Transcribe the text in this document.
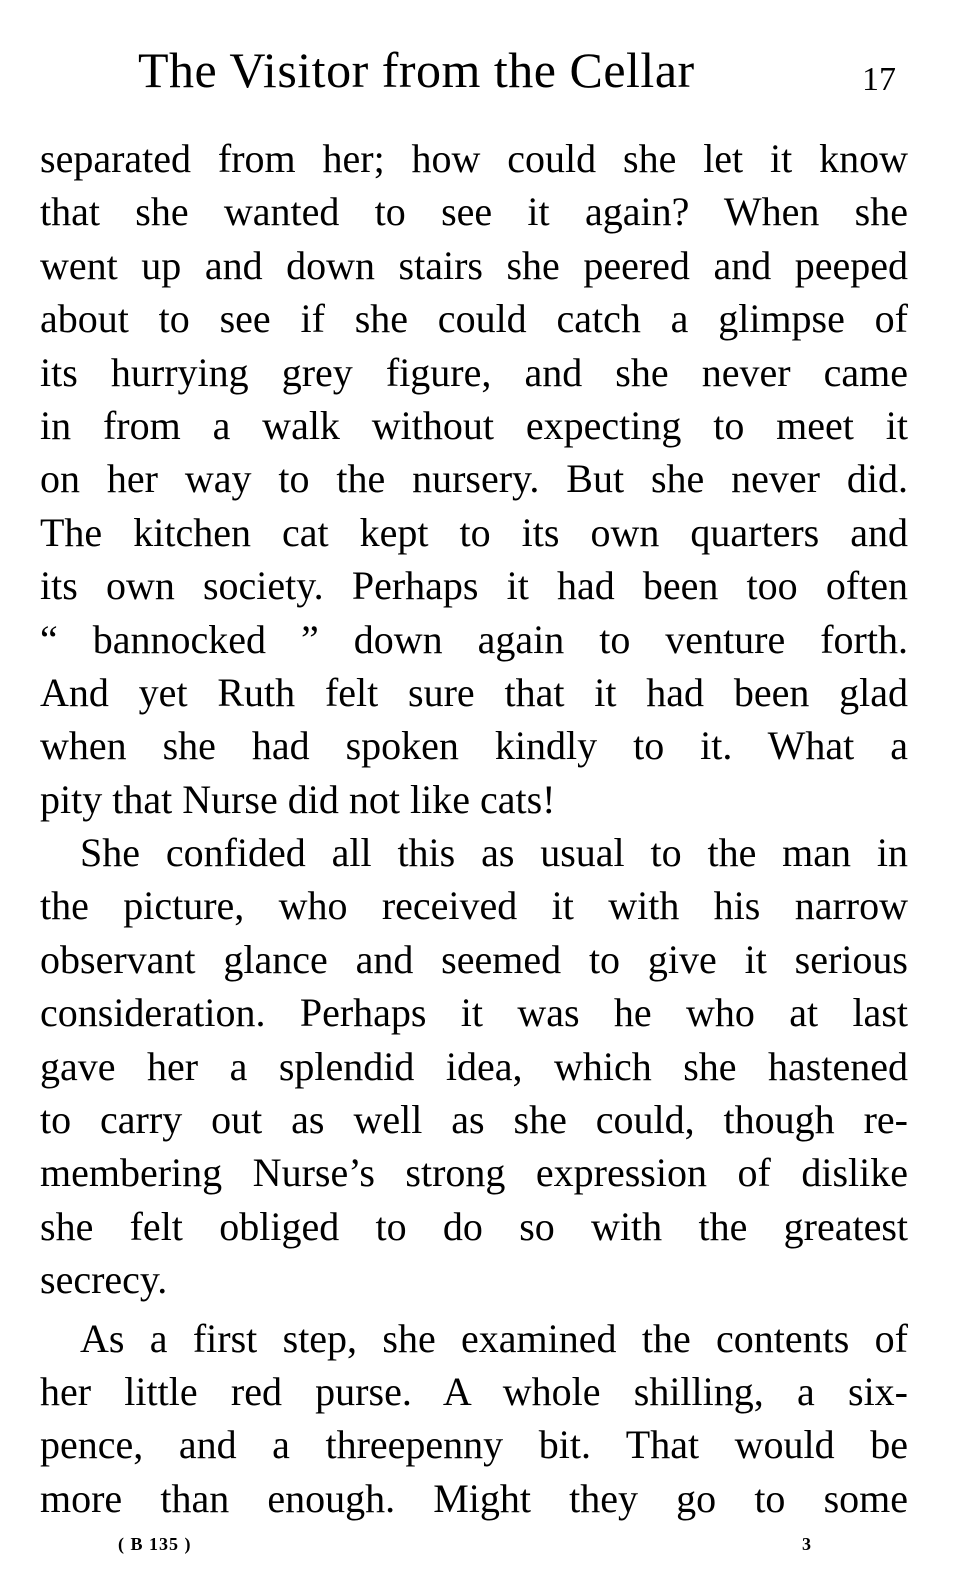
The Visitor from the Cellar	17
separated from her; how could she let it know
that she wanted to see it again? When she
went up and down stairs she peered and peeped
about to see if she could catch a glimpse of
its hurrying grey figure, and she never came
in from a walk without expecting to meet it
on her way to the nursery. But she never did.
The kitchen cat kept to its own quarters and
its own society. Perhaps it had been too often
“ bannocked ” down again to venture forth.
And yet Ruth felt sure that it had been glad
when she had spoken kindly to it. What a
pity that Nurse did not like cats!
She confided all this as usual to the man in
the picture, who received it with his narrow
observant glance and seemed to give it serious
consideration. Perhaps it was he who at last
gave her a splendid idea, which she hastened
to carry out as well as she could, though re-
membering Nurse’s strong expression of dislike
she felt obliged to do so with the greatest
secrecy.
As a first step, she examined the contents of
her little red purse. A whole shilling, a six-
pence, and a threepenny bit. That would be
more than enough. Might they go to some
( B 135 )	3
